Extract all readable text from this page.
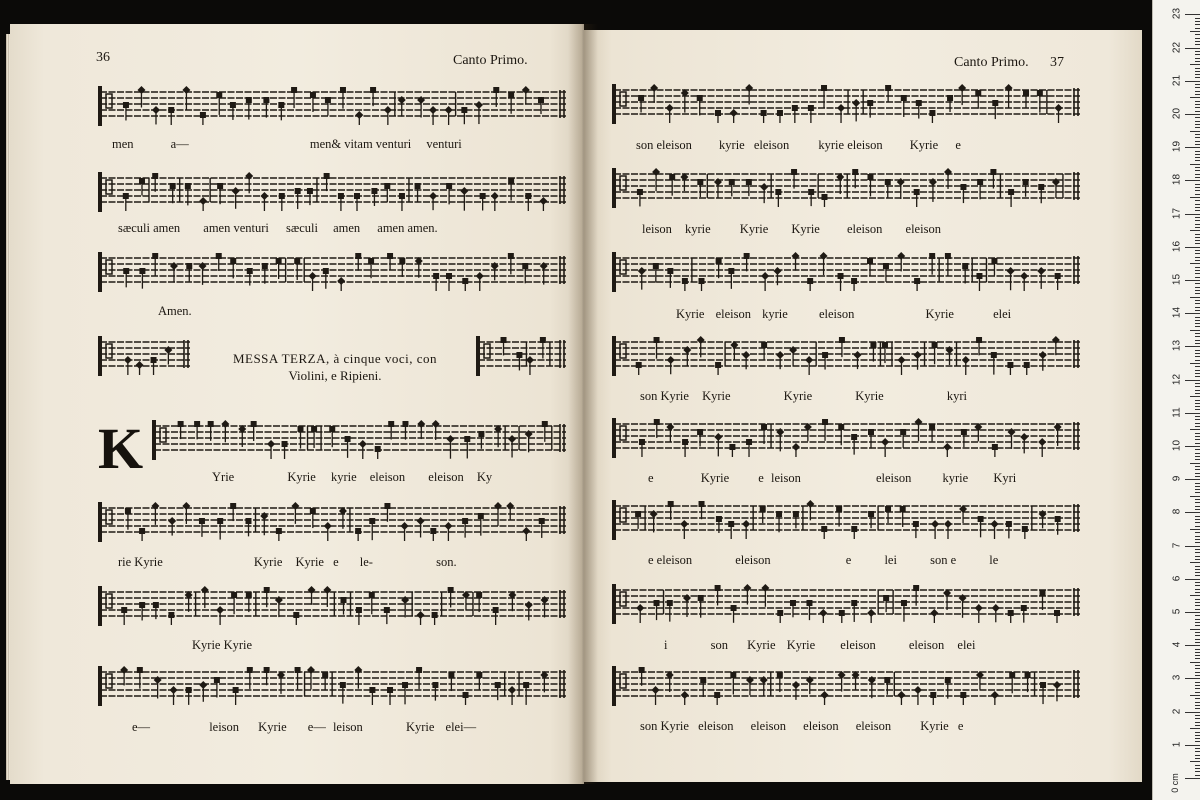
36	Canto Primo.
men	a—	men& vitam venturi venturi
sæculi amen amen venturi sæculi amen amen amen.
Amen.
MESSA TERZA, à cinque voci, con
Violini, e Ripieni.
K	Yrie	Kyrie kyrie eleison eleison Ky
rie Kyrie	Kyrie Kyrie e le-	son.
Kyrie Kyrie
e—	leison Kyrie e— leison	Kyrie elei—
Canto Primo. 37
son eleison kyrie eleison kyrie eleison Kyrie e
leison kyrie Kyrie Kyrie eleison eleison
Kyrie eleison kyrie eleison	Kyrie	elei
son Kyrie Kyrie	Kyrie	Kyrie	kyri
e	Kyrie e leison	eleison kyrie Kyri
e eleison	eleison	e	lei	son e	le
i	son Kyrie Kyrie eleison	eleison elei
son Kyrie eleison eleison eleison eleison Kyrie e
0 cm
1
2
3
4
5
6
7
8
9
10
11
12
13
14
15
16
17
18
19
20
21
22
23
